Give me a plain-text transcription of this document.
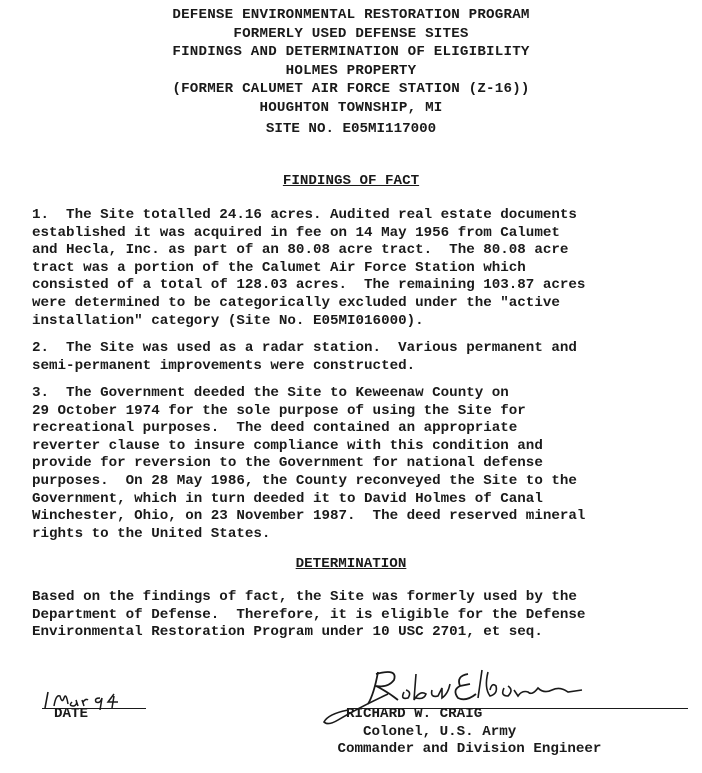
DEFENSE ENVIRONMENTAL RESTORATION PROGRAM
FORMERLY USED DEFENSE SITES
FINDINGS AND DETERMINATION OF ELIGIBILITY
HOLMES PROPERTY
(FORMER CALUMET AIR FORCE STATION (Z-16))
HOUGHTON TOWNSHIP, MI
SITE NO. E05MI117000
FINDINGS OF FACT
1.  The Site totalled 24.16 acres. Audited real estate documents
established it was acquired in fee on 14 May 1956 from Calumet
and Hecla, Inc. as part of an 80.08 acre tract.  The 80.08 acre
tract was a portion of the Calumet Air Force Station which
consisted of a total of 128.03 acres.  The remaining 103.87 acres
were determined to be categorically excluded under the "active
installation" category (Site No. E05MI016000).
2.  The Site was used as a radar station.  Various permanent and
semi-permanent improvements were constructed.
3.  The Government deeded the Site to Keweenaw County on
29 October 1974 for the sole purpose of using the Site for
recreational purposes.  The deed contained an appropriate
reverter clause to insure compliance with this condition and
provide for reversion to the Government for national defense
purposes.  On 28 May 1986, the County reconveyed the Site to the
Government, which in turn deeded it to David Holmes of Canal
Winchester, Ohio, on 23 November 1987.  The deed reserved mineral
rights to the United States.
DETERMINATION
Based on the findings of fact, the Site was formerly used by the
Department of Defense.  Therefore, it is eligible for the Defense
Environmental Restoration Program under 10 USC 2701, et seq.
DATE	RICHARD W. CRAIG
Colonel, U.S. Army
Commander and Division Engineer
